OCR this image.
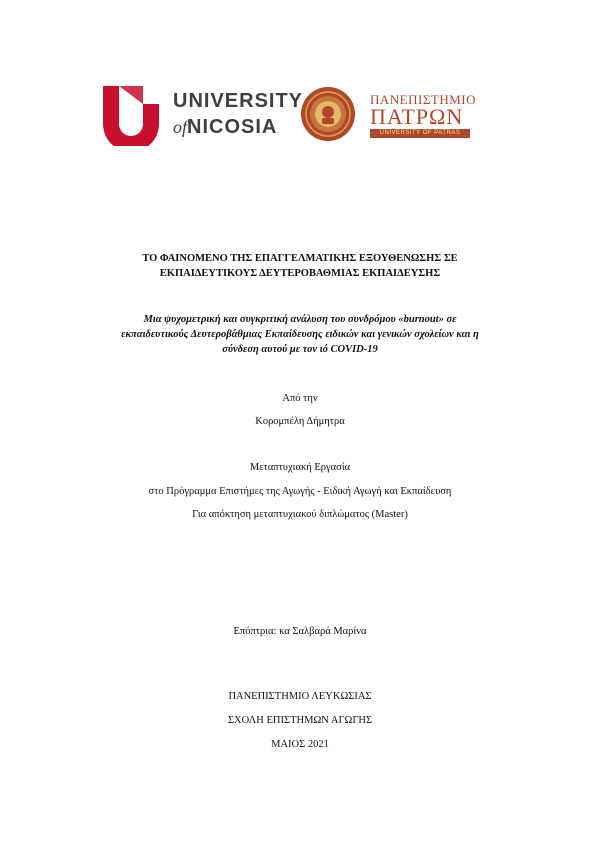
UNIVERSITY
ofNICOSIA
ΠΑΝΕΠΙΣΤΗΜΙΟ
ΠΑΤΡΩΝ
UNIVERSITY OF PATRAS
ΤΟ ΦΑΙΝΟΜΕΝΟ ΤΗΣ ΕΠΑΓΓΕΛΜΑΤΙΚΗΣ ΕΞΟΥΘΕΝΩΣΗΣ ΣΕ
ΕΚΠΑΙΔΕΥΤΙΚΟΥΣ ΔΕΥΤΕΡΟΒΑΘΜΙΑΣ ΕΚΠΑΙΔΕΥΣΗΣ
Μια ψυχομετρική και συγκριτική ανάλυση του συνδρόμου «burnout» σε
εκπαιδευτικούς Δευτεροβάθμιας Εκπαίδευσης ειδικών και γενικών σχολείων και η
σύνδεση αυτού με τον ιό COVID-19
Από την
Κορομπέλη Δήμητρα
Μεταπτυχιακή Εργασία
στο Πρόγραμμα Επιστήμες της Αγωγής - Ειδική Αγωγή και Εκπαίδευση
Για απόκτηση μεταπτυχιακού διπλώματος (Master)
Επόπτρια: κα Σαλβαρά Μαρίνα
ΠΑΝΕΠΙΣΤΗΜΙΟ ΛΕΥΚΩΣΙΑΣ
ΣΧΟΛΗ ΕΠΙΣΤΗΜΩΝ ΑΓΩΓΗΣ
ΜΑΙΟΣ 2021
